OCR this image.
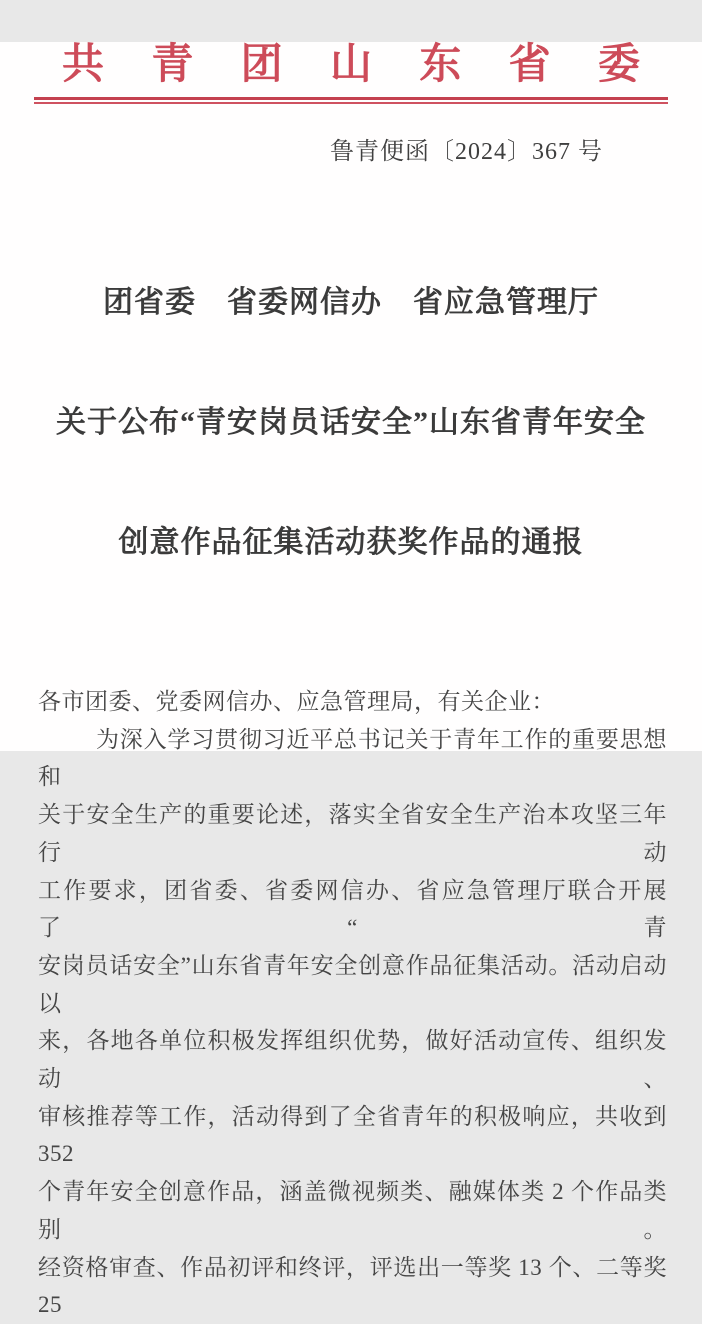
共青团山东省委
鲁青便函〔2024〕367 号

团省委　省委网信办　省应急管理厅

关于公布“青安岗员话安全”山东省青年安全

创意作品征集活动获奖作品的通报

各市团委、党委网信办、应急管理局，有关企业：

为深入学习贯彻习近平总书记关于青年工作的重要思想和

关于安全生产的重要论述，落实全省安全生产治本攻坚三年行动

工作要求，团省委、省委网信办、省应急管理厅联合开展了“青

安岗员话安全”山东省青年安全创意作品征集活动。活动启动以

来，各地各单位积极发挥组织优势，做好活动宣传、组织发动、

审核推荐等工作，活动得到了全省青年的积极响应，共收到 352

个青年安全创意作品，涵盖微视频类、融媒体类 2 个作品类别。

经资格审查、作品初评和终评，评选出一等奖 13 个、二等奖 25
